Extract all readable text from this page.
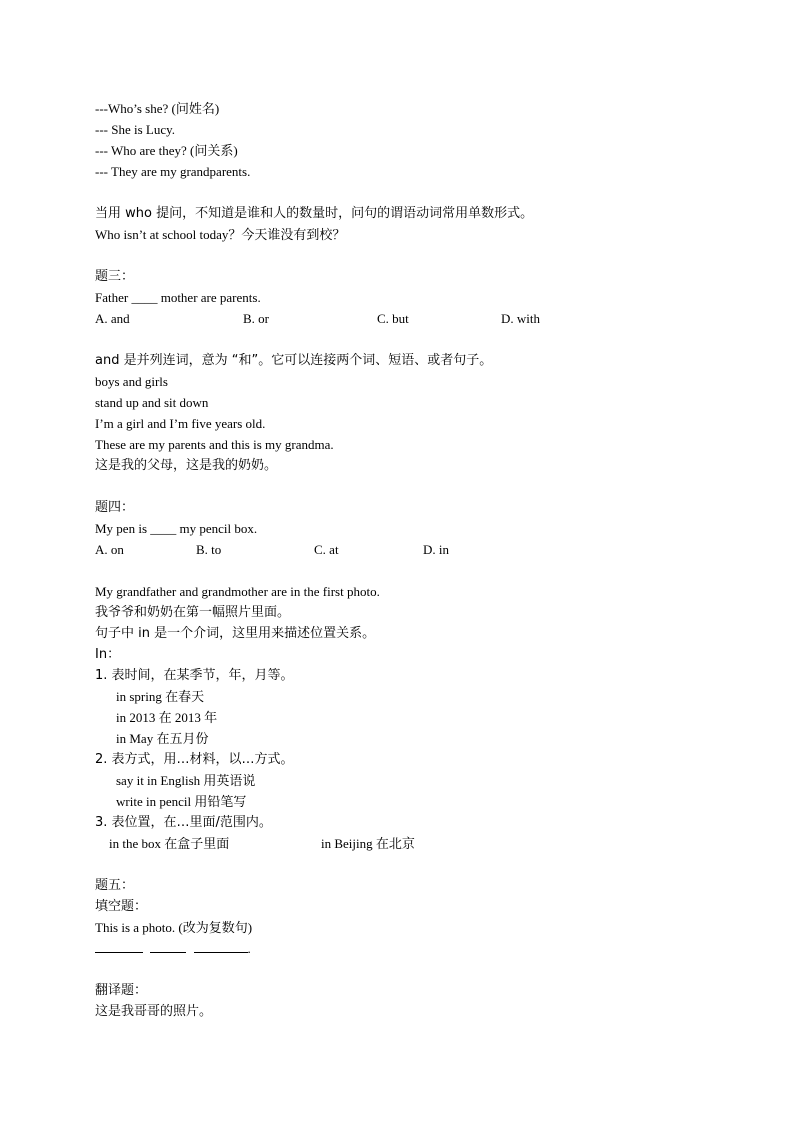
---Who’s she? (问姓名)
--- She is Lucy.
--- Who are they? (问关系)
--- They are my grandparents.
当用 who 提问，不知道是谁和人的数量时，问句的谓语动词常用单数形式。
Who isn’t at school today？今天谁没有到校？
题三：
Father ____ mother are parents.
A. and	B. or	C. but	D. with
and 是并列连词，意为 “和”。它可以连接两个词、短语、或者句子。
boys and girls
stand up and sit down
I’m a girl and I’m five years old.
These are my parents and this is my grandma.
这是我的父母，这是我的奶奶。
题四：
My pen is ____ my pencil box.
A. on	B. to	C. at	D. in
My grandfather and grandmother are in the first photo.
我爷爷和奶奶在第一幅照片里面。
句子中 in 是一个介词，这里用来描述位置关系。
In：
1. 表时间，在某季节，年，月等。
in spring 在春天
in 2013 在 2013 年
in May 在五月份
2. 表方式，用…材料，以…方式。
say it in English 用英语说
write in pencil 用铅笔写
3. 表位置，在…里面/范围内。
in the box 在盒子里面	in Beijing 在北京
题五：
填空题：
This is a photo. (改为复数句)
.
翻译题：
这是我哥哥的照片。
